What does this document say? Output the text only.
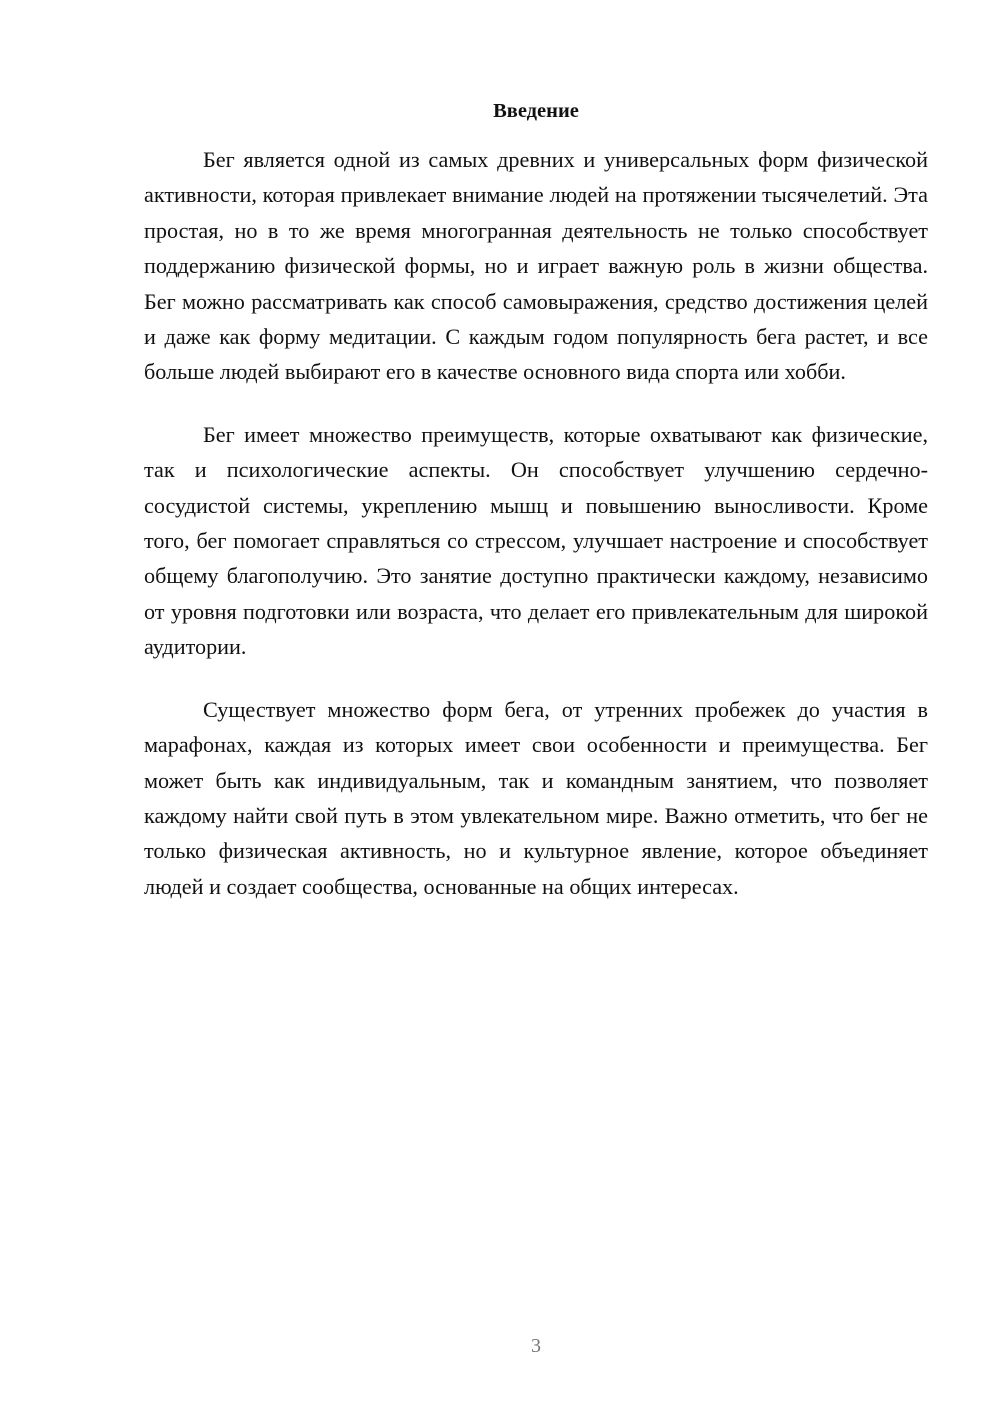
Введение

Бег является одной из самых древних и универсальных форм физической активности, которая привлекает внимание людей на протяжении тысячелетий. Эта простая, но в то же время многогранная деятельность не только способствует поддержанию физической формы, но и играет важную роль в жизни общества. Бег можно рассматривать как способ самовыражения, средство достижения целей и даже как форму медитации. С каждым годом популярность бега растет, и все больше людей выбирают его в качестве основного вида спорта или хобби.

Бег имеет множество преимуществ, которые охватывают как физические, так и психологические аспекты. Он способствует улучшению сердечно-сосудистой системы, укреплению мышц и повышению выносливости. Кроме того, бег помогает справляться со стрессом, улучшает настроение и способствует общему благополучию. Это занятие доступно практически каждому, независимо от уровня подготовки или возраста, что делает его привлекательным для широкой аудитории.

Существует множество форм бега, от утренних пробежек до участия в марафонах, каждая из которых имеет свои особенности и преимущества. Бег может быть как индивидуальным, так и командным занятием, что позволяет каждому найти свой путь в этом увлекательном мире. Важно отметить, что бег не только физическая активность, но и культурное явление, которое объединяет людей и создает сообщества, основанные на общих интересах.

3
